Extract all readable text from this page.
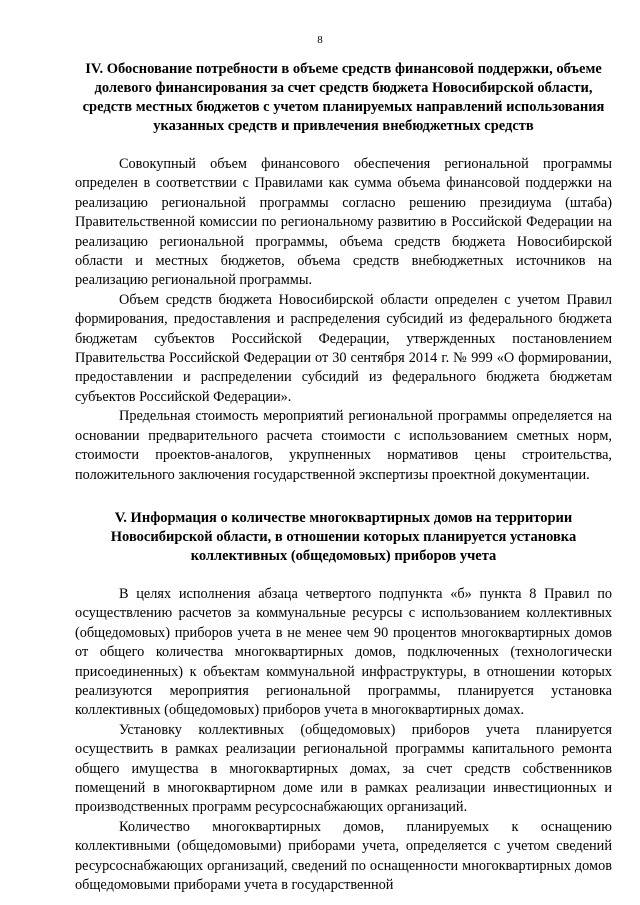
8

IV. Обоснование потребности в объеме средств финансовой поддержки, объеме долевого финансирования за счет средств бюджета Новосибирской области, средств местных бюджетов с учетом планируемых направлений использования указанных средств и привлечения внебюджетных средств

Совокупный объем финансового обеспечения региональной программы определен в соответствии с Правилами как сумма объема финансовой поддержки на реализацию региональной программы согласно решению президиума (штаба) Правительственной комиссии по региональному развитию в Российской Федерации на реализацию региональной программы, объема средств бюджета Новосибирской области и местных бюджетов, объема средств внебюджетных источников на реализацию региональной программы.

Объем средств бюджета Новосибирской области определен с учетом Правил формирования, предоставления и распределения субсидий из федерального бюджета бюджетам субъектов Российской Федерации, утвержденных постановлением Правительства Российской Федерации от 30 сентября 2014 г. № 999 «О формировании, предоставлении и распределении субсидий из федерального бюджета бюджетам субъектов Российской Федерации».

Предельная стоимость мероприятий региональной программы определяется на основании предварительного расчета стоимости с использованием сметных норм, стоимости проектов-аналогов, укрупненных нормативов цены строительства, положительного заключения государственной экспертизы проектной документации.

V. Информация о количестве многоквартирных домов на территории Новосибирской области, в отношении которых планируется установка коллективных (общедомовых) приборов учета

В целях исполнения абзаца четвертого подпункта «б» пункта 8 Правил по осуществлению расчетов за коммунальные ресурсы с использованием коллективных (общедомовых) приборов учета в не менее чем 90 процентов многоквартирных домов от общего количества многоквартирных домов, подключенных (технологически присоединенных) к объектам коммунальной инфраструктуры, в отношении которых реализуются мероприятия региональной программы, планируется установка коллективных (общедомовых) приборов учета в многоквартирных домах.

Установку коллективных (общедомовых) приборов учета планируется осуществить в рамках реализации региональной программы капитального ремонта общего имущества в многоквартирных домах, за счет средств собственников помещений в многоквартирном доме или в рамках реализации инвестиционных и производственных программ ресурсоснабжающих организаций.

Количество многоквартирных домов, планируемых к оснащению коллективными (общедомовыми) приборами учета, определяется с учетом сведений ресурсоснабжающих организаций, сведений по оснащенности многоквартирных домов общедомовыми приборами учета в государственной
